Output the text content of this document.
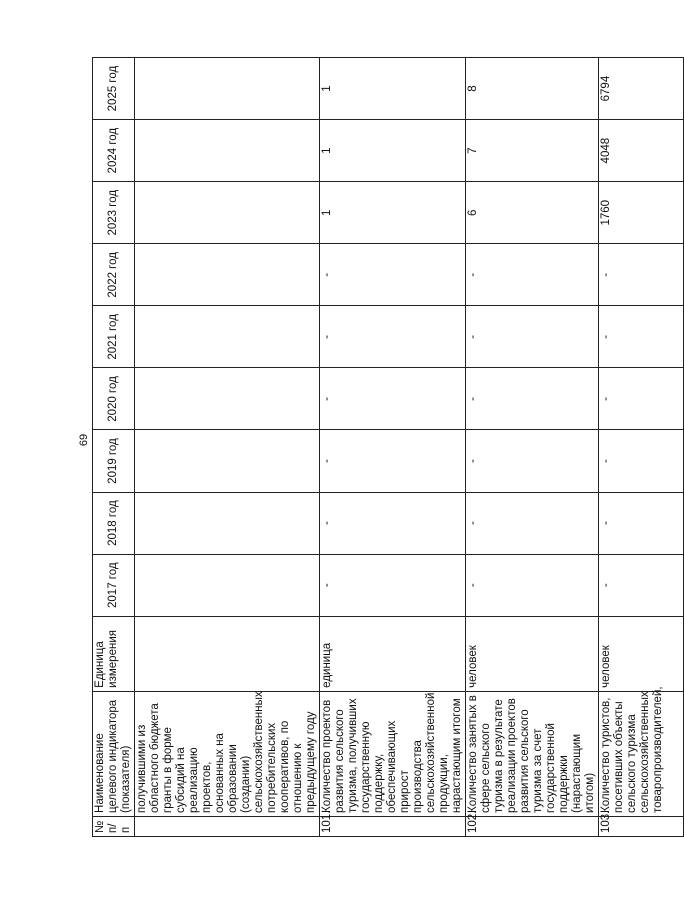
69
№ п/п	Наименование целевого индикатора (показателя)	Единица измерения	2017 год	2018 год	2019 год	2020 год	2021 год	2022 год	2023 год	2024 год	2025 год
	получившими из областного бюджета гранты в форме субсидий на реализацию проектов, основанных на образовании (создании) сельскохозяйственных потребительских кооперативов, по отношению к предыдущему году										
101.	Количество проектов развития сельского туризма, получивших государственную поддержку, обеспечивающих прирост производства сельскохозяйственной продукции, нарастающим итогом	единица	-	-	-	-	-	-	1	1	1
102.	Количество занятых в сфере сельского туризма в результате реализации проектов развития сельского туризма за счет государственной поддержки (нарастающим итогом)	человек	-	-	-	-	-	-	6	7	8
103.	Количество туристов, посетивших объекты сельского туризма сельскохозяйственных товаропроизводителей,	человек	-	-	-	-	-	-	1760	4048	6794
